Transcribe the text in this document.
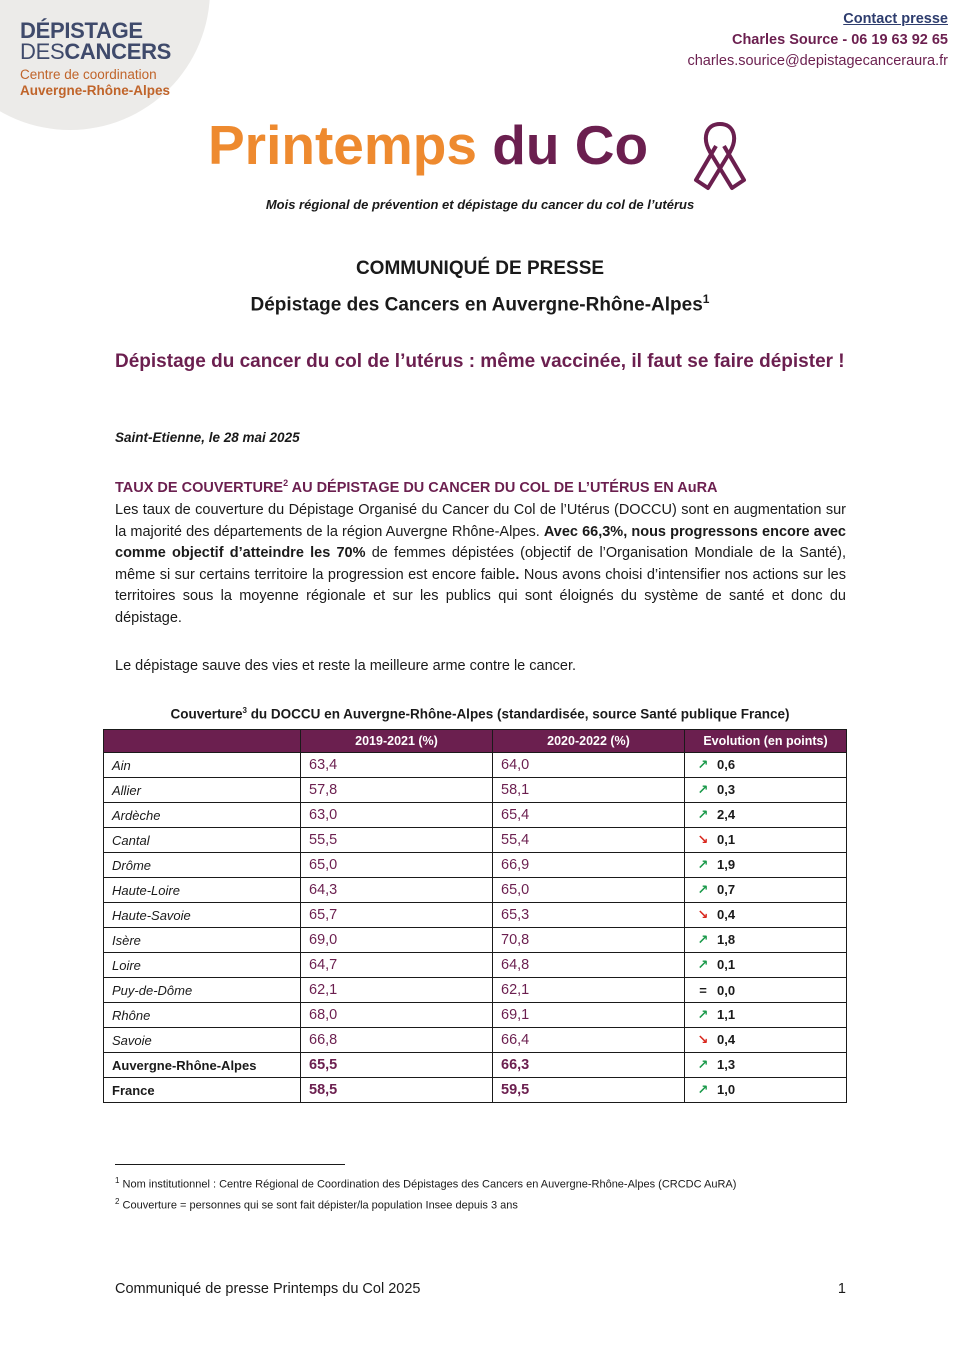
DÉPISTAGE
DESCANCERS
Centre de coordination
Auvergne-Rhône-Alpes
Contact presse
Charles Source - 06 19 63 92 65
charles.sourice@depistagecanceraura.fr
Printemps du Co
Mois régional de prévention et dépistage du cancer du col de l’utérus
COMMUNIQUÉ DE PRESSE
Dépistage des Cancers en Auvergne-Rhône-Alpes$^1$
Dépistage du cancer du col de l’utérus : même vaccinée, il faut se faire dépister !
Saint-Etienne, le 28 mai 2025
TAUX DE COUVERTURE$^2$ AU DÉPISTAGE DU CANCER DU COL DE L’UTÉRUS EN AuRA
Les taux de couverture du Dépistage Organisé du Cancer du Col de l’Utérus (DOCCU) sont en augmentation sur la majorité des départements de la région Auvergne Rhône-Alpes. Avec 66,3%, nous progressons encore avec comme objectif d’atteindre les 70% de femmes dépistées (objectif de l’Organisation Mondiale de la Santé), même si sur certains territoire la progression est encore faible. Nous avons choisi d’intensifier nos actions sur les territoires sous la moyenne régionale et sur les publics qui sont éloignés du système de santé et donc du dépistage.
Le dépistage sauve des vies et reste la meilleure arme contre le cancer.
Couverture$^3$ du DOCCU en Auvergne-Rhône-Alpes (standardisée, source Santé publique France)
	2019-2021 (%)	2020-2022 (%)	Evolution (en points)
Ain	63,4	64,0	↗ 0,6
Allier	57,8	58,1	↗ 0,3
Ardèche	63,0	65,4	↗ 2,4
Cantal	55,5	55,4	↘ 0,1
Drôme	65,0	66,9	↗ 1,9
Haute-Loire	64,3	65,0	↗ 0,7
Haute-Savoie	65,7	65,3	↘ 0,4
Isère	69,0	70,8	↗ 1,8
Loire	64,7	64,8	↗ 0,1
Puy-de-Dôme	62,1	62,1	= 0,0
Rhône	68,0	69,1	↗ 1,1
Savoie	66,8	66,4	↘ 0,4
Auvergne-Rhône-Alpes	65,5	66,3	↗ 1,3
France	58,5	59,5	↗ 1,0
$^1$ Nom institutionnel : Centre Régional de Coordination des Dépistages des Cancers en Auvergne-Rhône-Alpes (CRCDC AuRA)
$^2$ Couverture = personnes qui se sont fait dépister/la population Insee depuis 3 ans
Communiqué de presse Printemps du Col 2025	1
